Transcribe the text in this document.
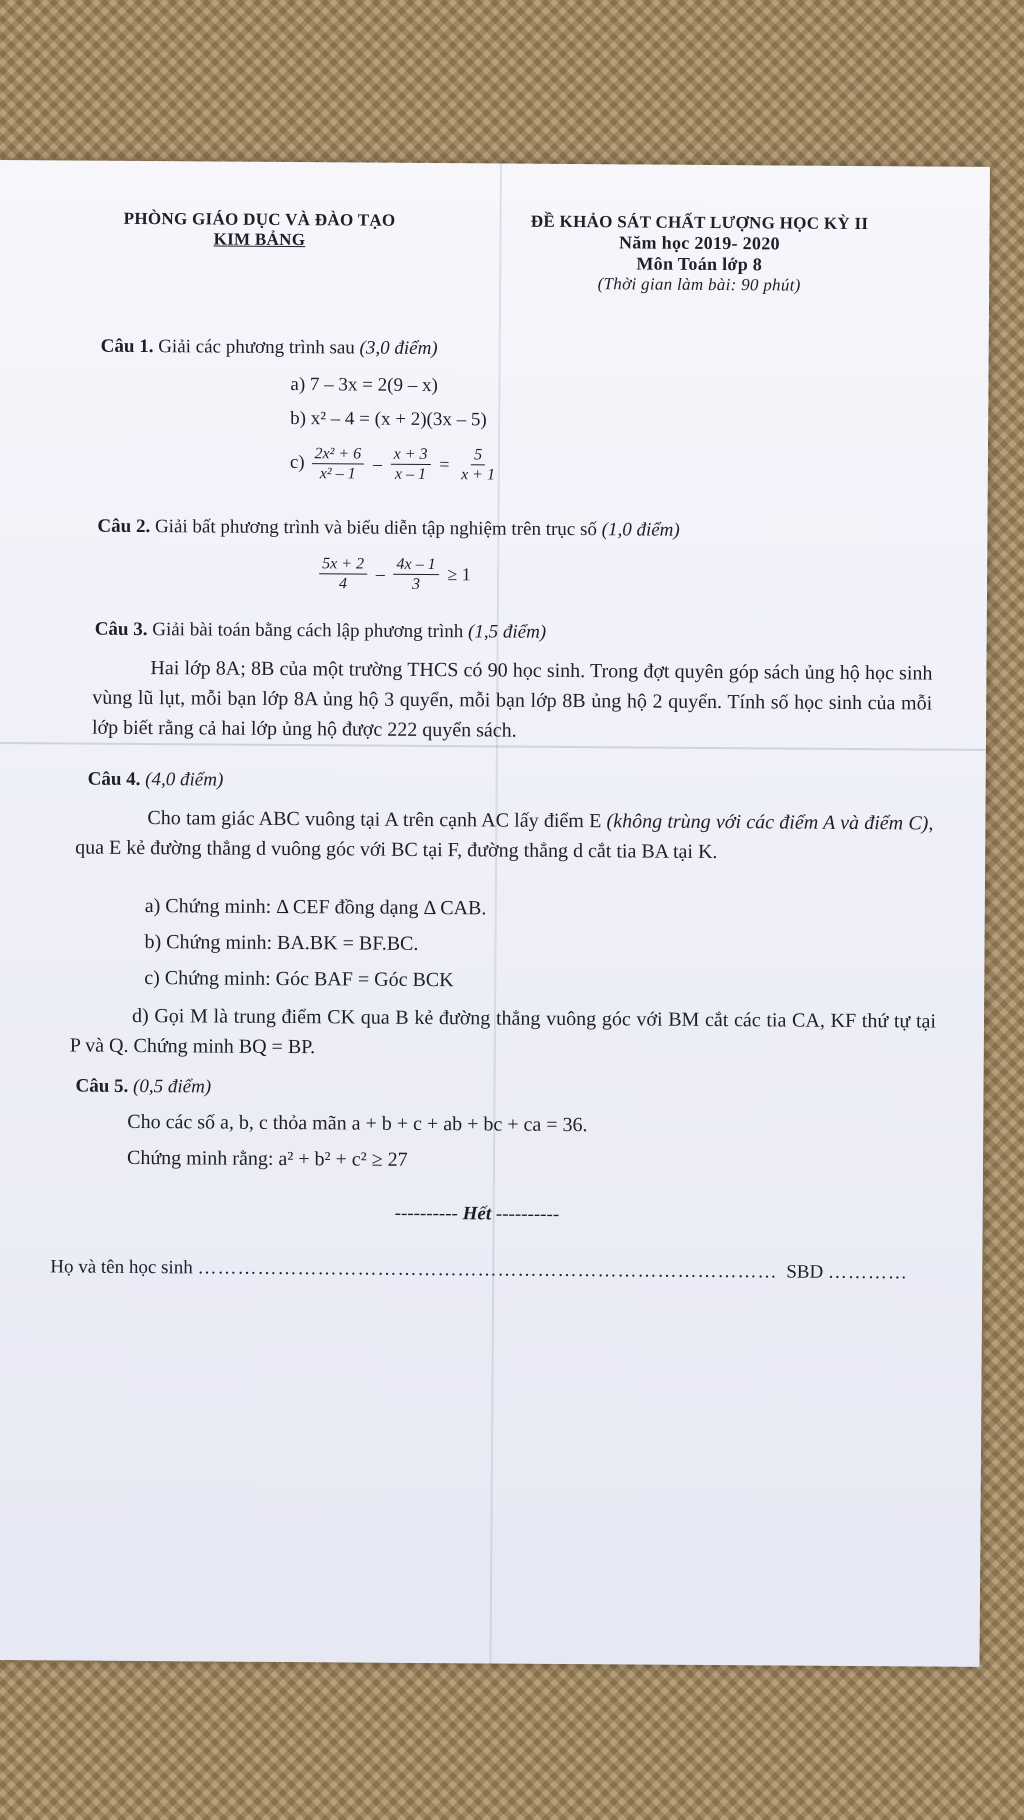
PHÒNG GIÁO DỤC VÀ ĐÀO TẠO
KIM BẢNG
ĐỀ KHẢO SÁT CHẤT LƯỢNG HỌC KỲ II
Năm học 2019- 2020
Môn Toán lớp 8
(Thời gian làm bài: 90 phút)
Câu 1. Giải các phương trình sau (3,0 điểm)
a) 7 – 3x = 2(9 – x)
b) x² – 4 = (x + 2)(3x – 5)
$c) \frac{\text{2x² + 6}}{\text{x² – 1}} - \frac{x + 3}{x - 1} = \frac{5}{x + 1}$
Câu 2. Giải bất phương trình và biểu diễn tập nghiệm trên trục số (1,0 điểm)
$\frac{5x + 2}{4} - \frac{4x - 1}{3} \ge 1$
Câu 3. Giải bài toán bằng cách lập phương trình (1,5 điểm)
Hai lớp 8A; 8B của một trường THCS có 90 học sinh. Trong đợt quyên góp sách ủng hộ học sinh vùng lũ lụt, mỗi bạn lớp 8A ủng hộ 3 quyển, mỗi bạn lớp 8B ủng hộ 2 quyển. Tính số học sinh của mỗi lớp biết rằng cả hai lớp ủng hộ được 222 quyển sách.
Câu 4. (4,0 điểm)
Cho tam giác ABC vuông tại A trên cạnh AC lấy điểm E (không trùng với các điểm A và điểm C), qua E kẻ đường thẳng d vuông góc với BC tại F, đường thẳng d cắt tia BA tại K.
a) Chứng minh: Δ CEF đồng dạng Δ CAB.
b) Chứng minh: BA.BK = BF.BC.
c) Chứng minh: Góc BAF = Góc BCK
d) Gọi M là trung điểm CK qua B kẻ đường thẳng vuông góc với BM cắt các tia CA, KF thứ tự tại P và Q. Chứng minh BQ = BP.
Câu 5. (0,5 điểm)
Cho các số a, b, c thỏa mãn a + b + c + ab + bc + ca = 36.
Chứng minh rằng: a² + b² + c² ≥ 27
---------- Hết ----------
Họ và tên học sinh …………………………………………………………………………… SBD …………
